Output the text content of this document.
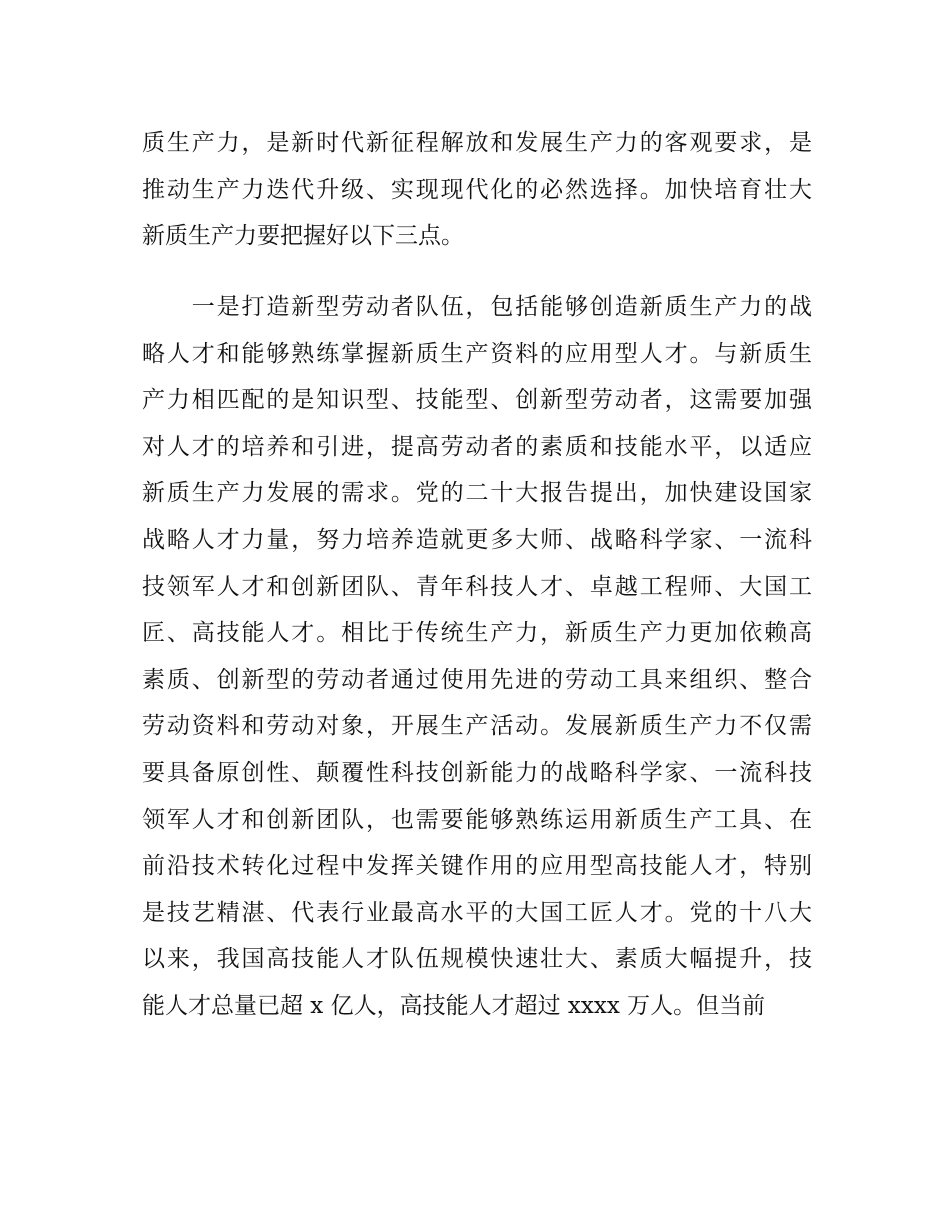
质生产力，是新时代新征程解放和发展生产力的客观要求，是
推动生产力迭代升级、实现现代化的必然选择。加快培育壮大
新质生产力要把握好以下三点。
　　一是打造新型劳动者队伍，包括能够创造新质生产力的战
略人才和能够熟练掌握新质生产资料的应用型人才。与新质生
产力相匹配的是知识型、技能型、创新型劳动者，这需要加强
对人才的培养和引进，提高劳动者的素质和技能水平，以适应
新质生产力发展的需求。党的二十大报告提出，加快建设国家
战略人才力量，努力培养造就更多大师、战略科学家、一流科
技领军人才和创新团队、青年科技人才、卓越工程师、大国工
匠、高技能人才。相比于传统生产力，新质生产力更加依赖高
素质、创新型的劳动者通过使用先进的劳动工具来组织、整合
劳动资料和劳动对象，开展生产活动。发展新质生产力不仅需
要具备原创性、颠覆性科技创新能力的战略科学家、一流科技
领军人才和创新团队，也需要能够熟练运用新质生产工具、在
前沿技术转化过程中发挥关键作用的应用型高技能人才，特别
是技艺精湛、代表行业最高水平的大国工匠人才。党的十八大
以来，我国高技能人才队伍规模快速壮大、素质大幅提升，技
能人才总量已超 x 亿人，高技能人才超过 xxxx 万人。但当前
